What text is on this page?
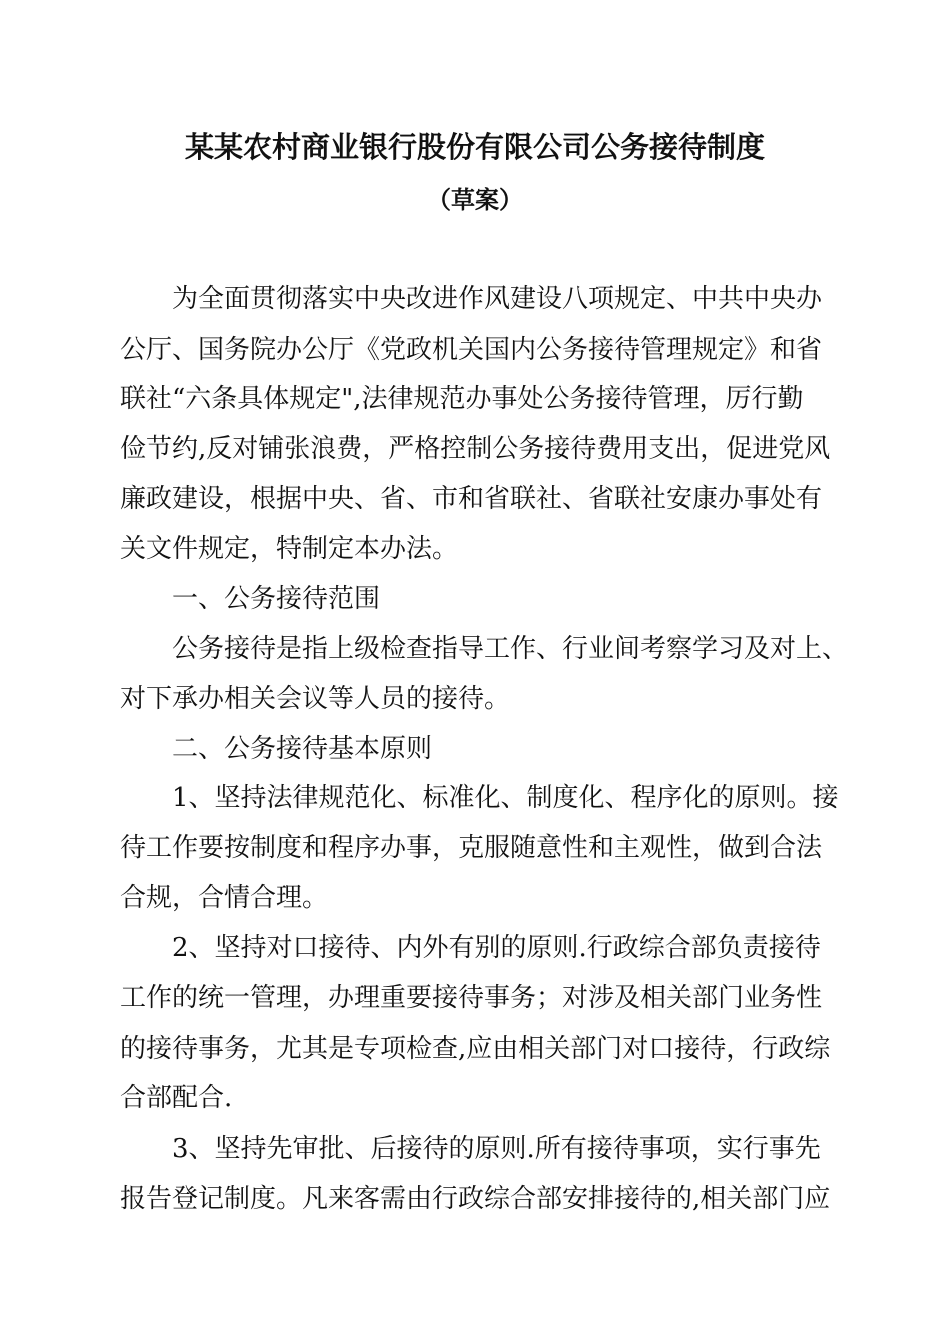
某某农村商业银行股份有限公司公务接待制度
（草案）
为全面贯彻落实中央改进作风建设八项规定、中共中央办
公厅、国务院办公厅《党政机关国内公务接待管理规定》和省
联社“六条具体规定",法律规范办事处公务接待管理，厉行勤
俭节约,反对铺张浪费，严格控制公务接待费用支出，促进党风
廉政建设，根据中央、省、市和省联社、省联社安康办事处有
关文件规定，特制定本办法。
一、公务接待范围
公务接待是指上级检查指导工作、行业间考察学习及对上、
对下承办相关会议等人员的接待。
二、公务接待基本原则
1、坚持法律规范化、标准化、制度化、程序化的原则。接
待工作要按制度和程序办事，克服随意性和主观性，做到合法
合规，合情合理。
2、坚持对口接待、内外有别的原则.行政综合部负责接待
工作的统一管理，办理重要接待事务；对涉及相关部门业务性
的接待事务，尤其是专项检查,应由相关部门对口接待，行政综
合部配合.
3、坚持先审批、后接待的原则.所有接待事项，实行事先
报告登记制度。凡来客需由行政综合部安排接待的,相关部门应
